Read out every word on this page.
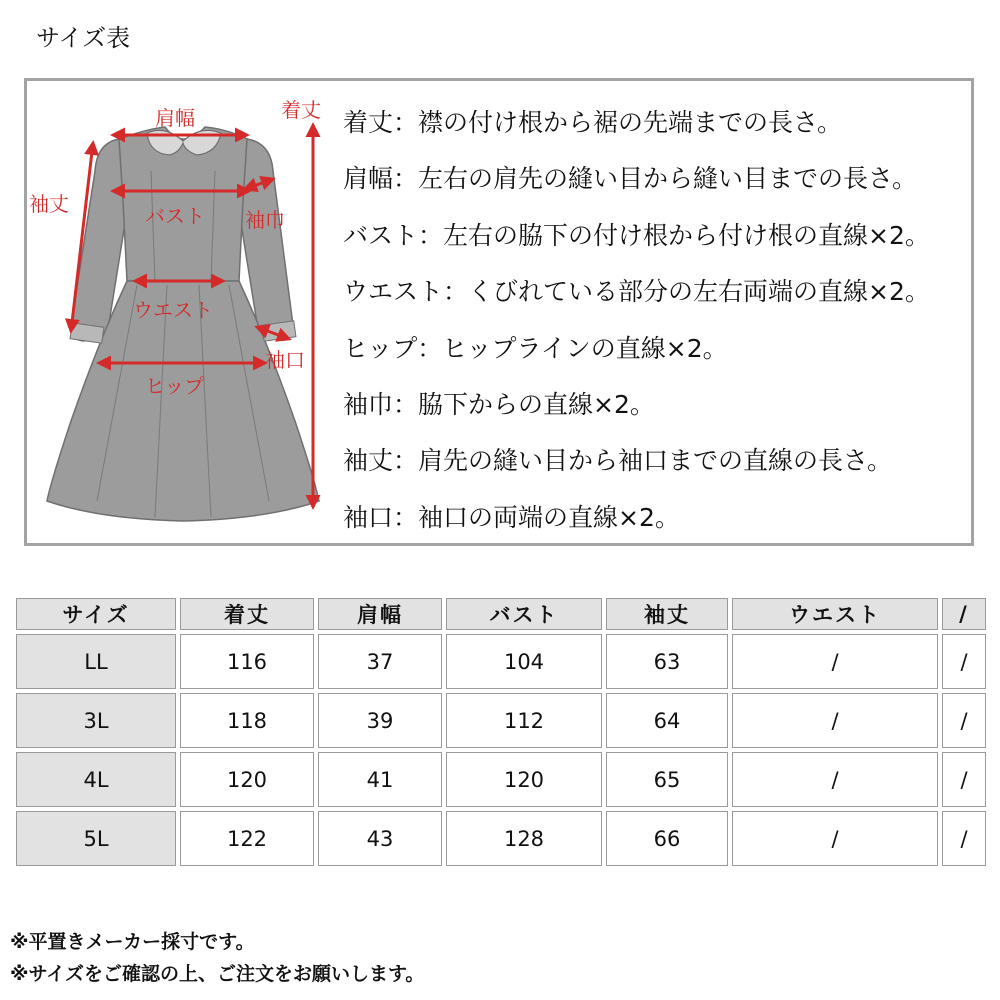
サイズ表
肩幅	着丈
袖丈
袖巾
バスト
ウエスト
ヒップ
袖口
着丈：襟の付け根から裾の先端までの長さ。
肩幅：左右の肩先の縫い目から縫い目までの長さ。
バスト：左右の脇下の付け根から付け根の直線×2。
ウエスト：くびれている部分の左右両端の直線×2。
ヒップ：ヒップラインの直線×2。
袖巾：脇下からの直線×2。
袖丈：肩先の縫い目から袖口までの直線の長さ。
袖口：袖口の両端の直線×2。
サイズ	着丈	肩幅	バスト	袖丈	ウエスト	/
LL	116	37	104	63	/	/
3L	118	39	112	64	/	/
4L	120	41	120	65	/	/
5L	122	43	128	66	/	/
※平置きメーカー採寸です。
※サイズをご確認の上、ご注文をお願いします。
